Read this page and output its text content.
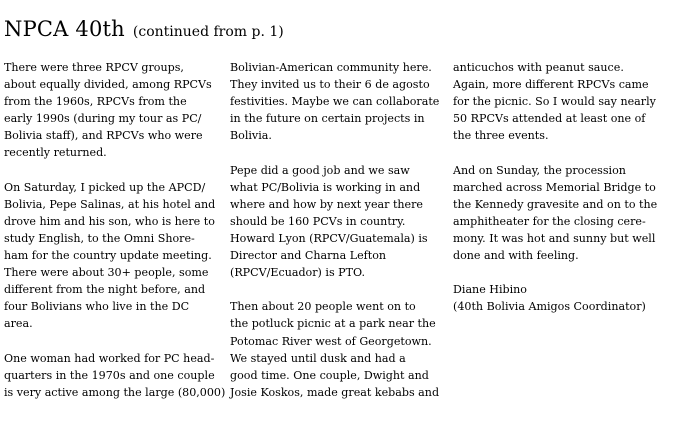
NPCA 40th (continued from p. 1)

There were three RPCV groups,
about equally divided, among RPCVs
from the 1960s, RPCVs from the
early 1990s (during my tour as PC/
Bolivia staff), and RPCVs who were
recently returned.

On Saturday, I picked up the APCD/
Bolivia, Pepe Salinas, at his hotel and
drove him and his son, who is here to
study English, to the Omni Shore-
ham for the country update meeting.
There were about 30+ people, some
different from the night before, and
four Bolivians who live in the DC
area.

One woman had worked for PC head-
quarters in the 1970s and one couple
is very active among the large (80,000)

Bolivian-American community here.
They invited us to their 6 de agosto
festivities. Maybe we can collaborate
in the future on certain projects in
Bolivia.

Pepe did a good job and we saw
what PC/Bolivia is working in and
where and how by next year there
should be 160 PCVs in country.
Howard Lyon (RPCV/Guatemala) is
Director and Charna Lefton
(RPCV/Ecuador) is PTO.

Then about 20 people went on to
the potluck picnic at a park near the
Potomac River west of Georgetown.
We stayed until dusk and had a
good time. One couple, Dwight and
Josie Koskos, made great kebabs and

anticuchos with peanut sauce.
Again, more different RPCVs came
for the picnic. So I would say nearly
50 RPCVs attended at least one of
the three events.

And on Sunday, the procession
marched across Memorial Bridge to
the Kennedy gravesite and on to the
amphitheater for the closing cere-
mony. It was hot and sunny but well
done and with feeling.

Diane Hibino
(40th Bolivia Amigos Coordinator)
